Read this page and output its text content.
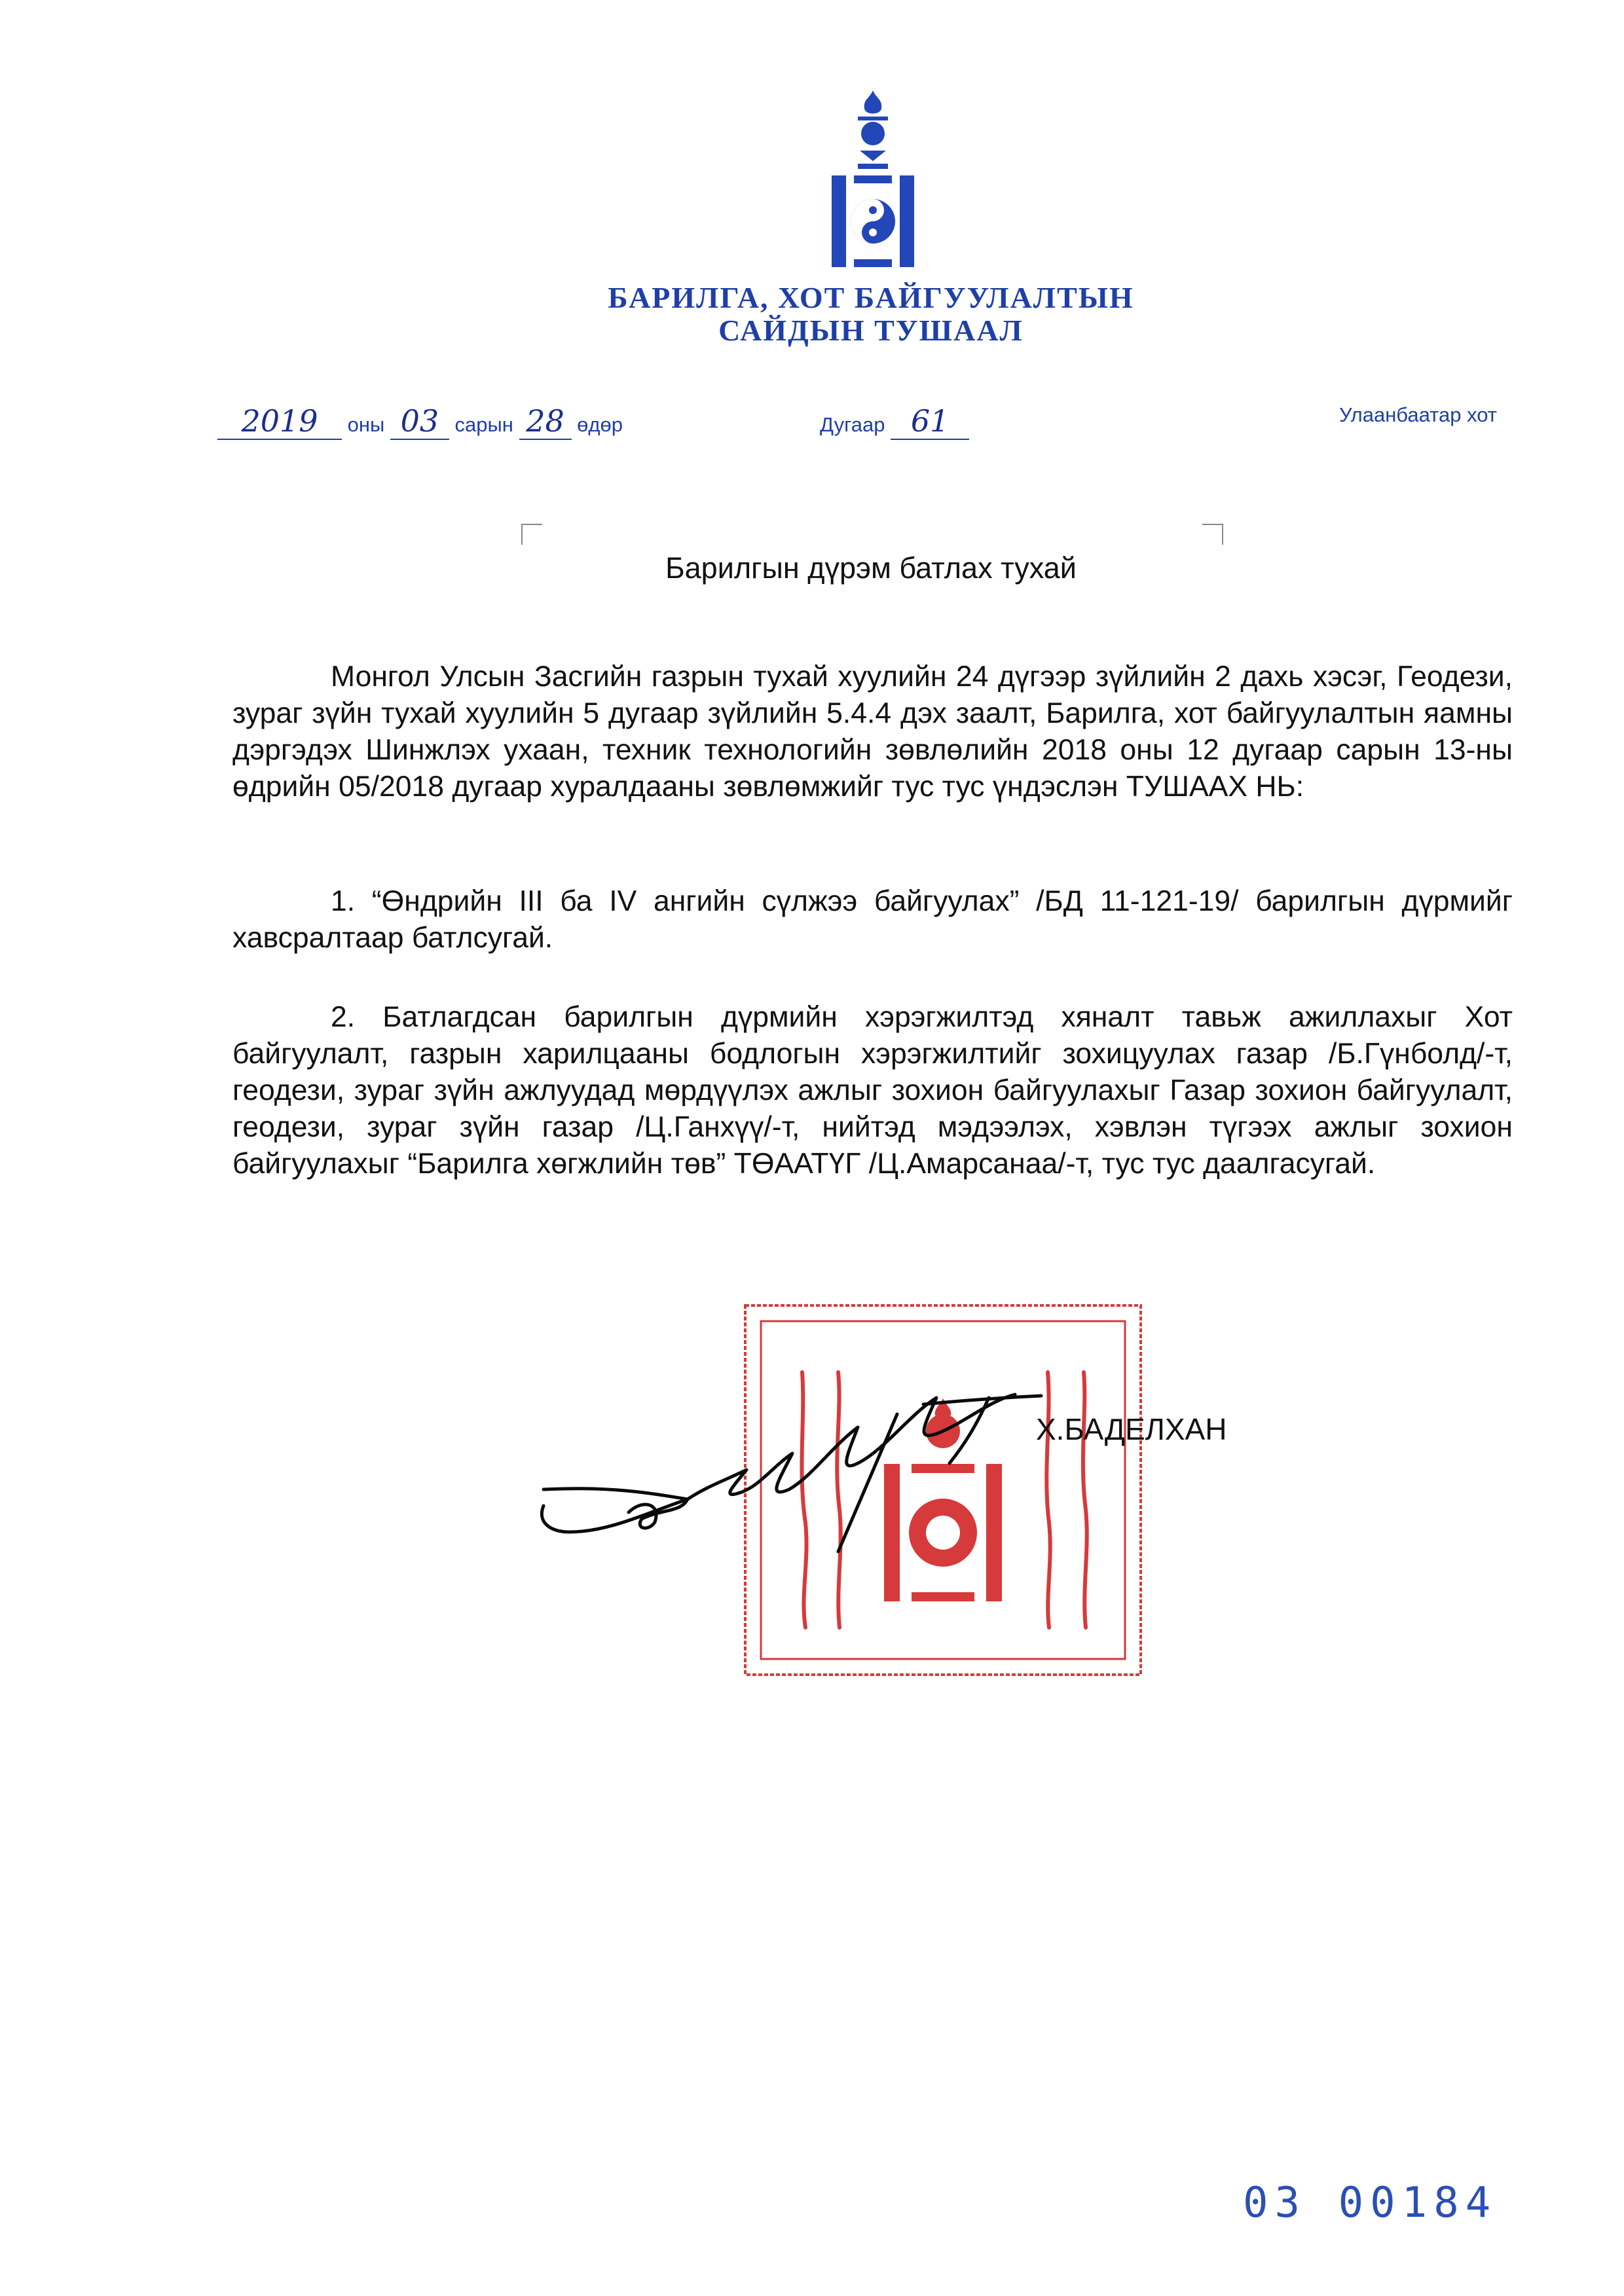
БАРИЛГА, ХОТ БАЙГУУЛАЛТЫН
САЙДЫН ТУШААЛ
2019 оны 03 сарын 28 өдөр	Дугаар 61	Улаанбаатар хот
Барилгын дүрэм батлах тухай
Монгол Улсын Засгийн газрын тухай хуулийн 24 дүгээр зүйлийн 2 дахь хэсэг, Геодези, зураг зүйн тухай хуулийн 5 дугаар зүйлийн 5.4.4 дэх заалт, Барилга, хот байгуулалтын яамны дэргэдэх Шинжлэх ухаан, техник технологийн зөвлөлийн 2018 оны 12 дугаар сарын 13-ны өдрийн 05/2018 дугаар хуралдааны зөвлөмжийг тус тус үндэслэн ТУШААХ НЬ:
1. “Өндрийн III ба IV ангийн сүлжээ байгуулах” /БД 11-121-19/ барилгын дүрмийг хавсралтаар батлсугай.
2. Батлагдсан барилгын дүрмийн хэрэгжилтэд хяналт тавьж ажиллахыг Хот байгуулалт, газрын харилцааны бодлогын хэрэгжилтийг зохицуулах газар /Б.Гүнболд/-т, геодези, зураг зүйн ажлуудад мөрдүүлэх ажлыг зохион байгуулахыг Газар зохион байгуулалт, геодези, зураг зүйн газар /Ц.Ганхүү/-т, нийтэд мэдээлэх, хэвлэн түгээх ажлыг зохион байгуулахыг “Барилга хөгжлийн төв” ТӨААТҮГ /Ц.Амарсанаа/-т, тус тус даалгасугай.
Х.БАДЕЛХАН
03 00184
